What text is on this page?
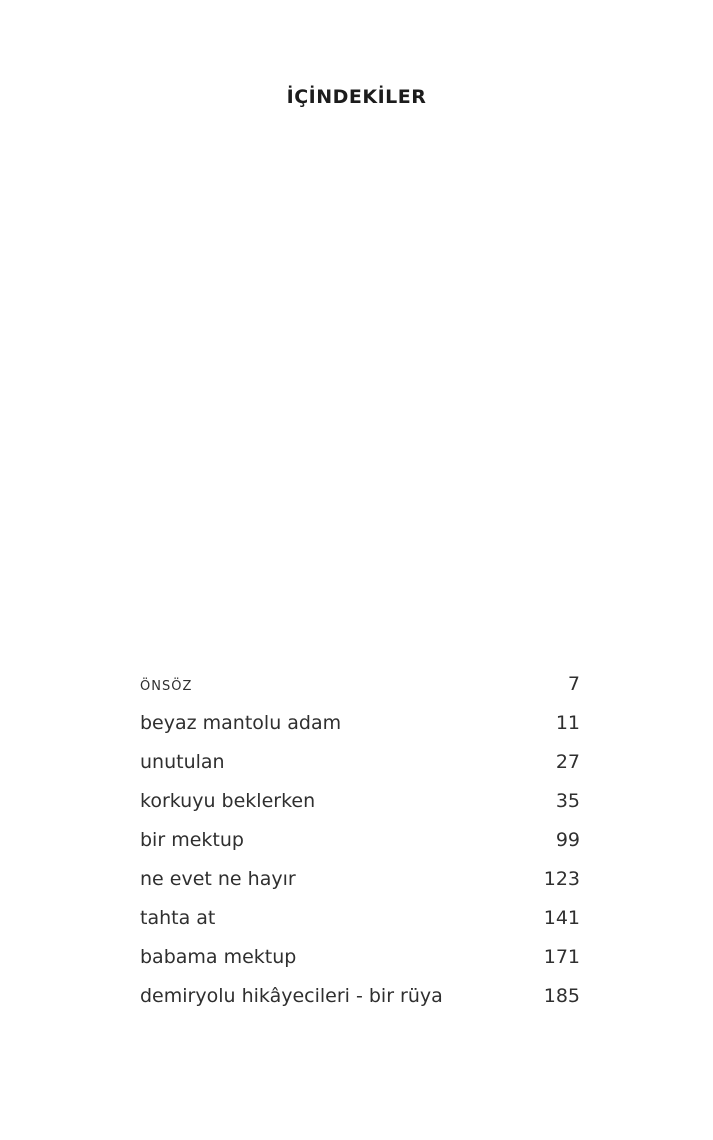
İÇİNDEKİLER
ÖNSÖZ	7
beyaz mantolu adam	11
unutulan	27
korkuyu beklerken	35
bir mektup	99
ne evet ne hayır	123
tahta at	141
babama mektup	171
demiryolu hikâyecileri - bir rüya	185
